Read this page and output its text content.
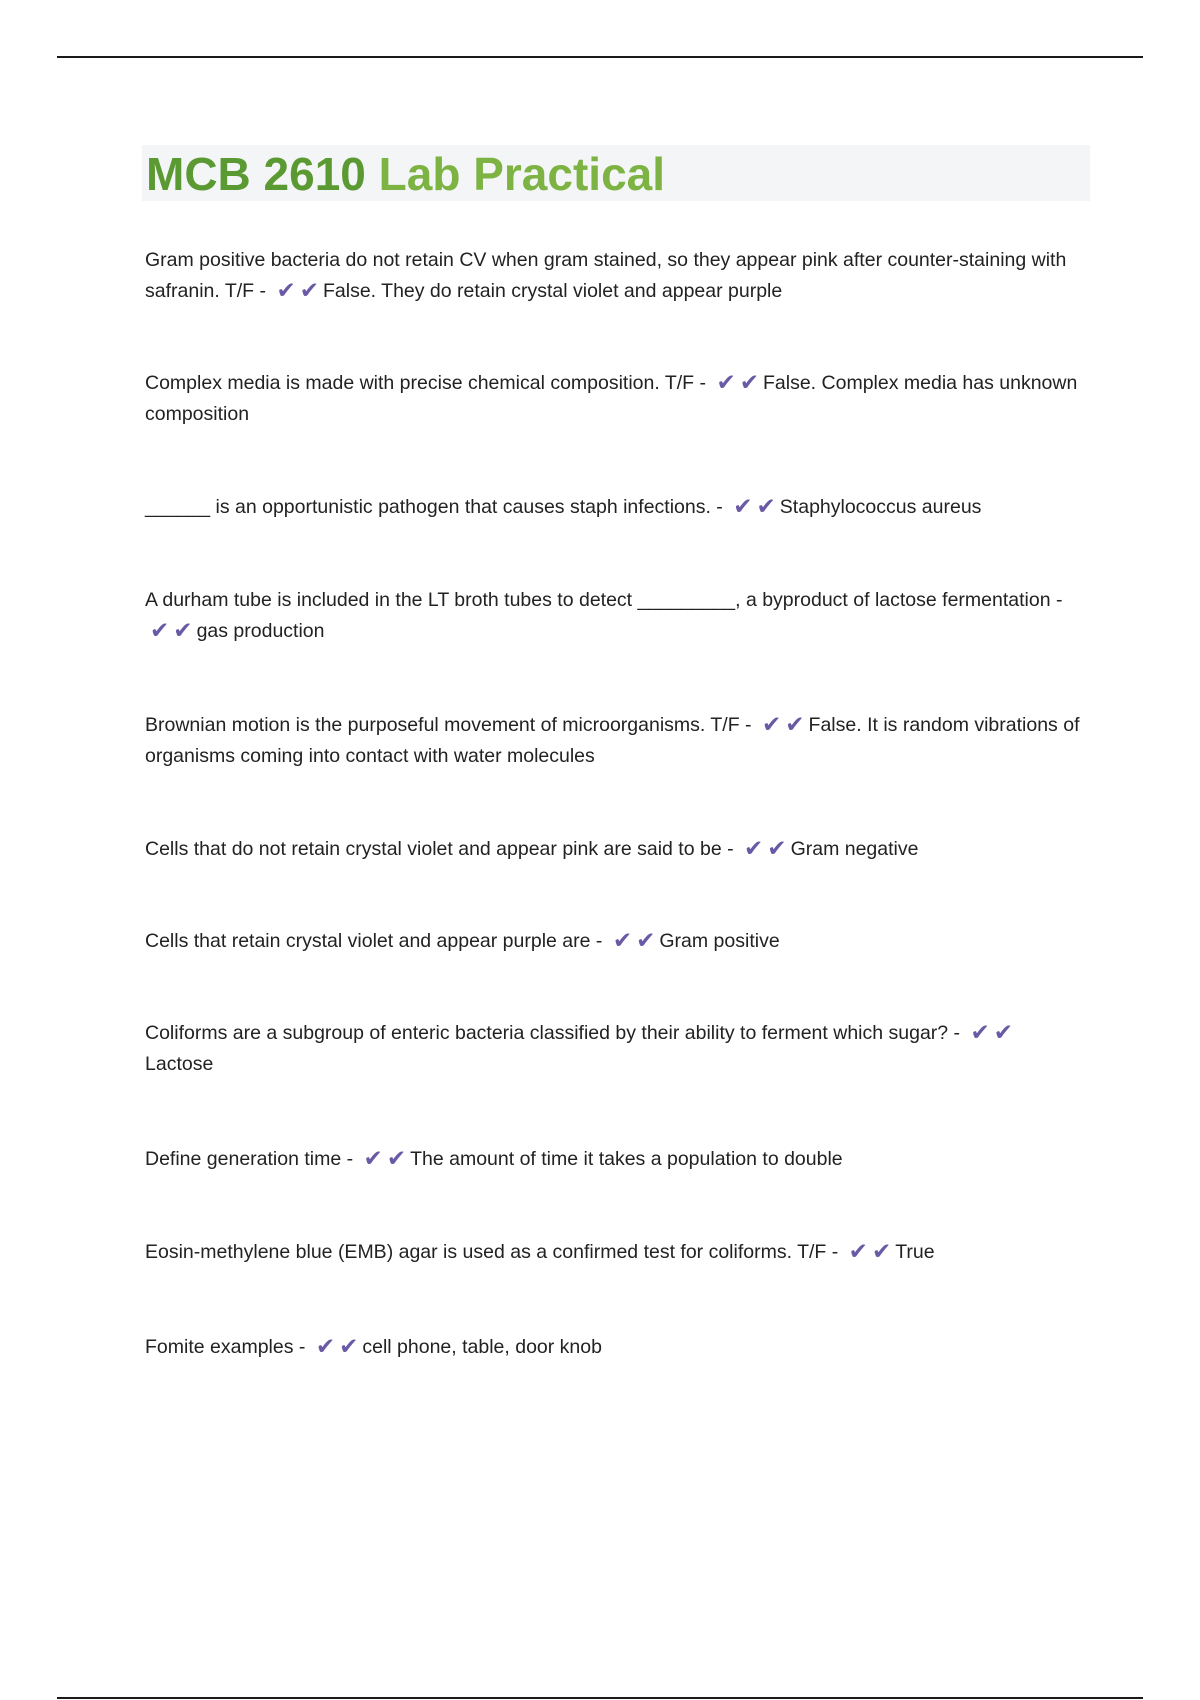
MCB 2610 Lab Practical

Gram positive bacteria do not retain CV when gram stained, so they appear pink after counter-staining with safranin. T/F - ✔ ✔ False. They do retain crystal violet and appear purple

Complex media is made with precise chemical composition. T/F - ✔ ✔ False. Complex media has unknown composition

______ is an opportunistic pathogen that causes staph infections. - ✔ ✔ Staphylococcus aureus

A durham tube is included in the LT broth tubes to detect _________, a byproduct of lactose fermentation - ✔ ✔ gas production

Brownian motion is the purposeful movement of microorganisms. T/F - ✔ ✔ False. It is random vibrations of organisms coming into contact with water molecules

Cells that do not retain crystal violet and appear pink are said to be - ✔ ✔ Gram negative

Cells that retain crystal violet and appear purple are - ✔ ✔ Gram positive

Coliforms are a subgroup of enteric bacteria classified by their ability to ferment which sugar? - ✔ ✔Lactose

Define generation time - ✔ ✔ The amount of time it takes a population to double

Eosin-methylene blue (EMB) agar is used as a confirmed test for coliforms. T/F - ✔ ✔ True

Fomite examples - ✔ ✔ cell phone, table, door knob
